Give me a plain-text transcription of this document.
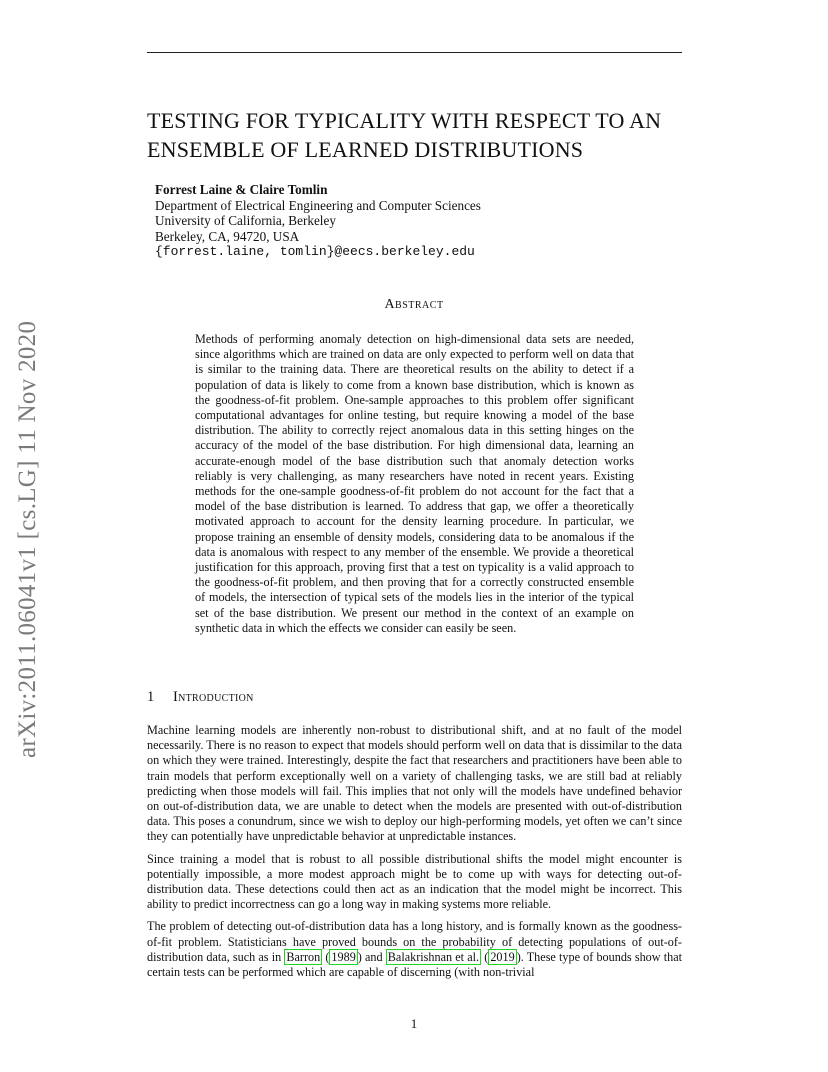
arXiv:2011.06041v1 [cs.LG] 11 Nov 2020
TESTING FOR TYPICALITY WITH RESPECT TO AN
ENSEMBLE OF LEARNED DISTRIBUTIONS
Forrest Laine & Claire Tomlin
Department of Electrical Engineering and Computer Sciences
University of California, Berkeley
Berkeley, CA, 94720, USA
{forrest.laine, tomlin}@eecs.berkeley.edu
Abstract
Methods of performing anomaly detection on high-dimensional data sets are needed, since algorithms which are trained on data are only expected to perform well on data that is similar to the training data. There are theoretical results on the ability to detect if a population of data is likely to come from a known base distribution, which is known as the goodness-of-fit problem. One-sample approaches to this problem offer significant computational advantages for online testing, but require knowing a model of the base distribution. The ability to correctly reject anomalous data in this setting hinges on the accuracy of the model of the base distribution. For high dimensional data, learning an accurate-enough model of the base distribution such that anomaly detection works reliably is very challenging, as many researchers have noted in recent years. Existing methods for the one-sample goodness-of-fit problem do not account for the fact that a model of the base distribution is learned. To address that gap, we offer a theoretically motivated approach to account for the density learning procedure. In particular, we propose training an ensemble of density models, considering data to be anomalous if the data is anomalous with respect to any member of the ensemble. We provide a theoretical justification for this approach, proving first that a test on typicality is a valid approach to the goodness-of-fit problem, and then proving that for a correctly constructed ensemble of models, the intersection of typical sets of the models lies in the interior of the typical set of the base distribution. We present our method in the context of an example on synthetic data in which the effects we consider can easily be seen.
1 Introduction

Machine learning models are inherently non-robust to distributional shift, and at no fault of the model necessarily. There is no reason to expect that models should perform well on data that is dissimilar to the data on which they were trained. Interestingly, despite the fact that researchers and practitioners have been able to train models that perform exceptionally well on a variety of challenging tasks, we are still bad at reliably predicting when those models will fail. This implies that not only will the models have undefined behavior on out-of-distribution data, we are unable to detect when the models are presented with out-of-distribution data. This poses a conundrum, since we wish to deploy our high-performing models, yet often we can’t since they can potentially have unpredictable behavior at unpredictable instances.

Since training a model that is robust to all possible distributional shifts the model might encounter is potentially impossible, a more modest approach might be to come up with ways for detecting out-of-distribution data. These detections could then act as an indication that the model might be incorrect. This ability to predict incorrectness can go a long way in making systems more reliable.

The problem of detecting out-of-distribution data has a long history, and is formally known as the goodness-of-fit problem. Statisticians have proved bounds on the probability of detecting populations of out-of-distribution data, such as in Barron ( 1989 ) and Balakrishnan et al. ( 2019 ). These type of bounds show that certain tests can be performed which are capable of discerning (with non-trivial

1
